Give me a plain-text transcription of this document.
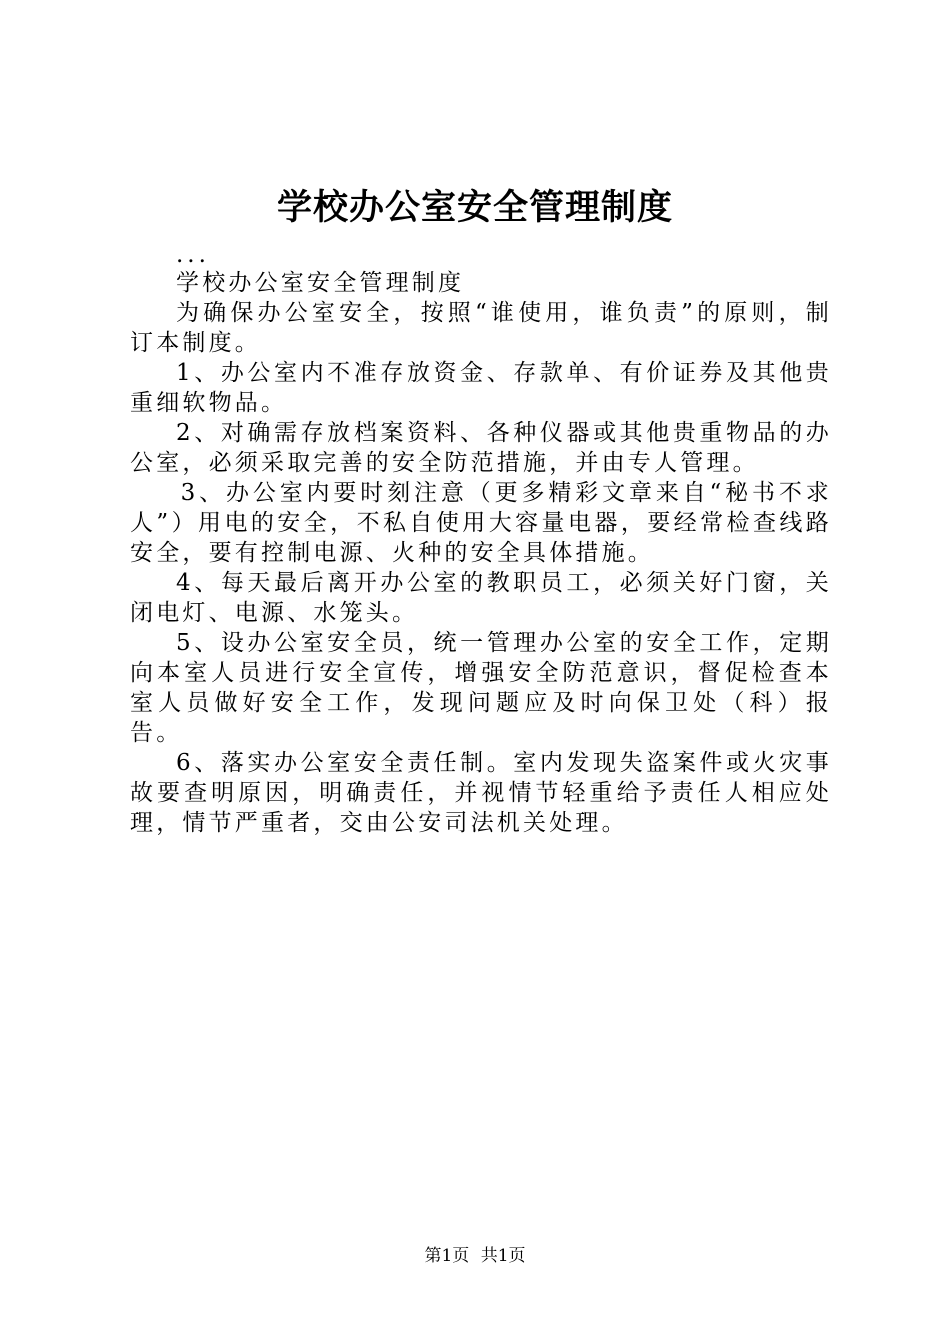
学校办公室安全管理制度

...

学校办公室安全管理制度

为确保办公室安全，按照“谁使用，谁负责”的原则，制订本制度。

1、办公室内不准存放资金、存款单、有价证券及其他贵重细软物品。

2、对确需存放档案资料、各种仪器或其他贵重物品的办公室，必须采取完善的安全防范措施，并由专人管理。

3、办公室内要时刻注意（更多精彩文章来自“秘书不求人”）用电的安全，不私自使用大容量电器，要经常检查线路安全，要有控制电源、火种的安全具体措施。

4、每天最后离开办公室的教职员工，必须关好门窗，关闭电灯、电源、水笼头。

5、设办公室安全员，统一管理办公室的安全工作，定期向本室人员进行安全宣传，增强安全防范意识，督促检查本室人员做好安全工作，发现问题应及时向保卫处（科）报告。

6、落实办公室安全责任制。室内发现失盗案件或火灾事故要查明原因，明确责任，并视情节轻重给予责任人相应处理，情节严重者，交由公安司法机关处理。

第1页 共1页
